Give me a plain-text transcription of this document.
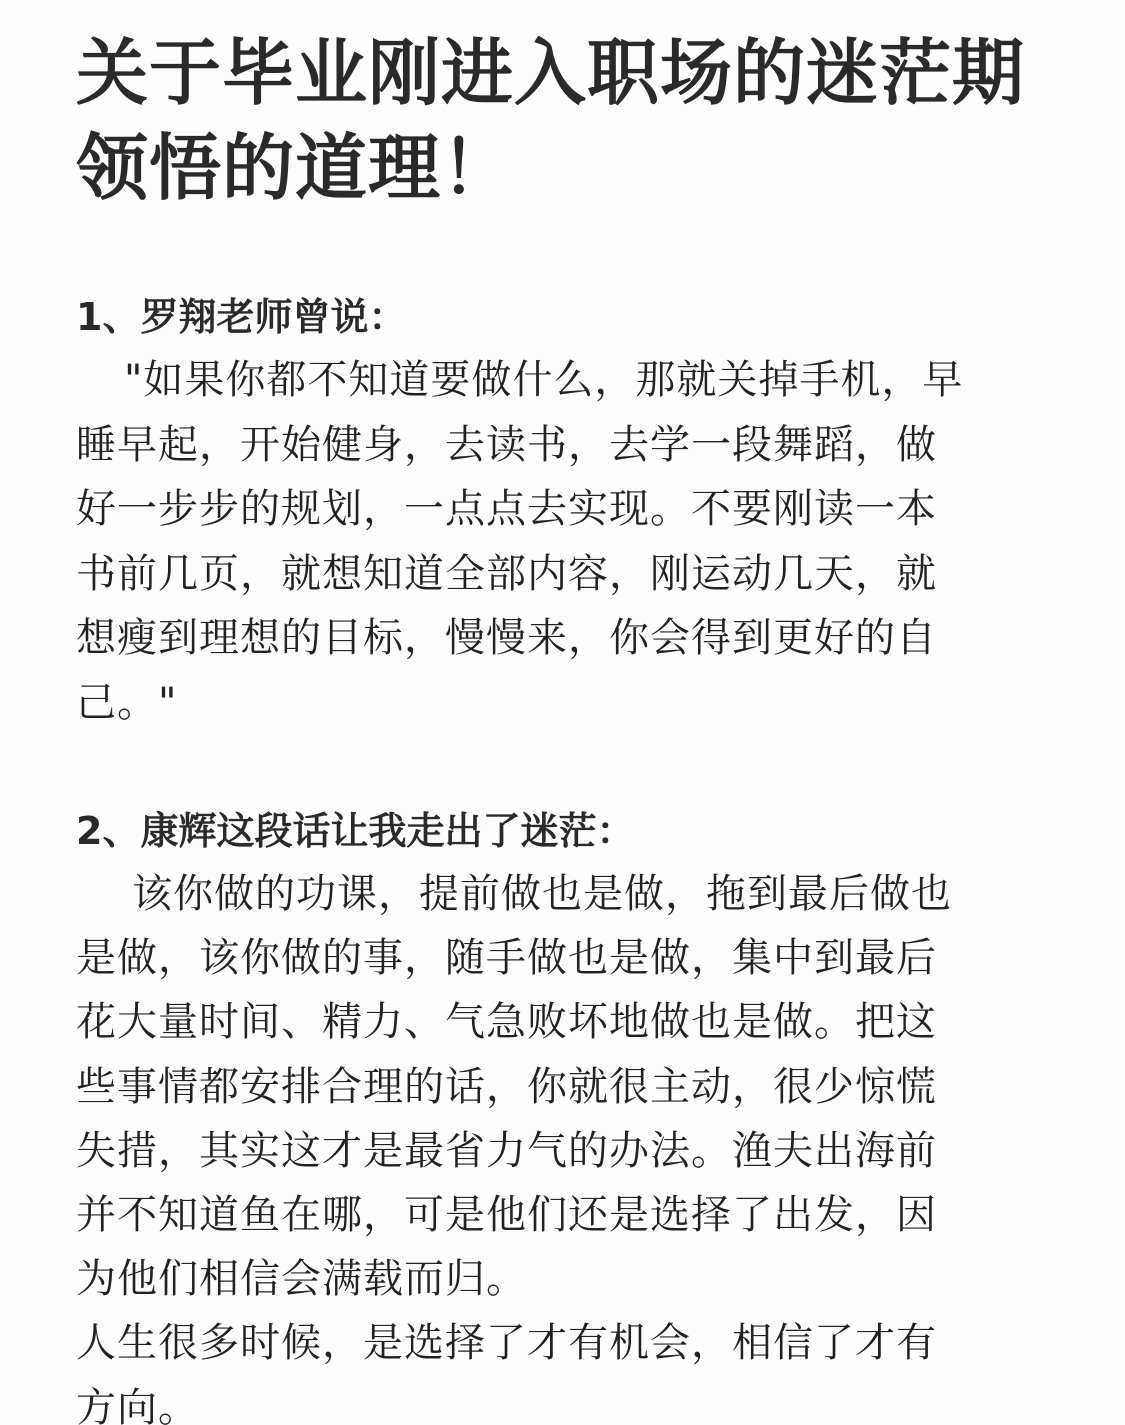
关于毕业刚进入职场的迷茫期
领悟的道理！
1、罗翔老师曾说：
"如果你都不知道要做什么，那就关掉手机，早
睡早起，开始健身，去读书，去学一段舞蹈，做
好一步步的规划，一点点去实现。不要刚读一本
书前几页，就想知道全部内容，刚运动几天，就
想瘦到理想的目标，慢慢来，你会得到更好的自
己。"
2、康辉这段话让我走出了迷茫：
该你做的功课，提前做也是做，拖到最后做也
是做，该你做的事，随手做也是做，集中到最后
花大量时间、精力、气急败坏地做也是做。把这
些事情都安排合理的话，你就很主动，很少惊慌
失措，其实这才是最省力气的办法。渔夫出海前
并不知道鱼在哪，可是他们还是选择了出发，因
为他们相信会满载而归。
人生很多时候，是选择了才有机会，相信了才有
方向。
